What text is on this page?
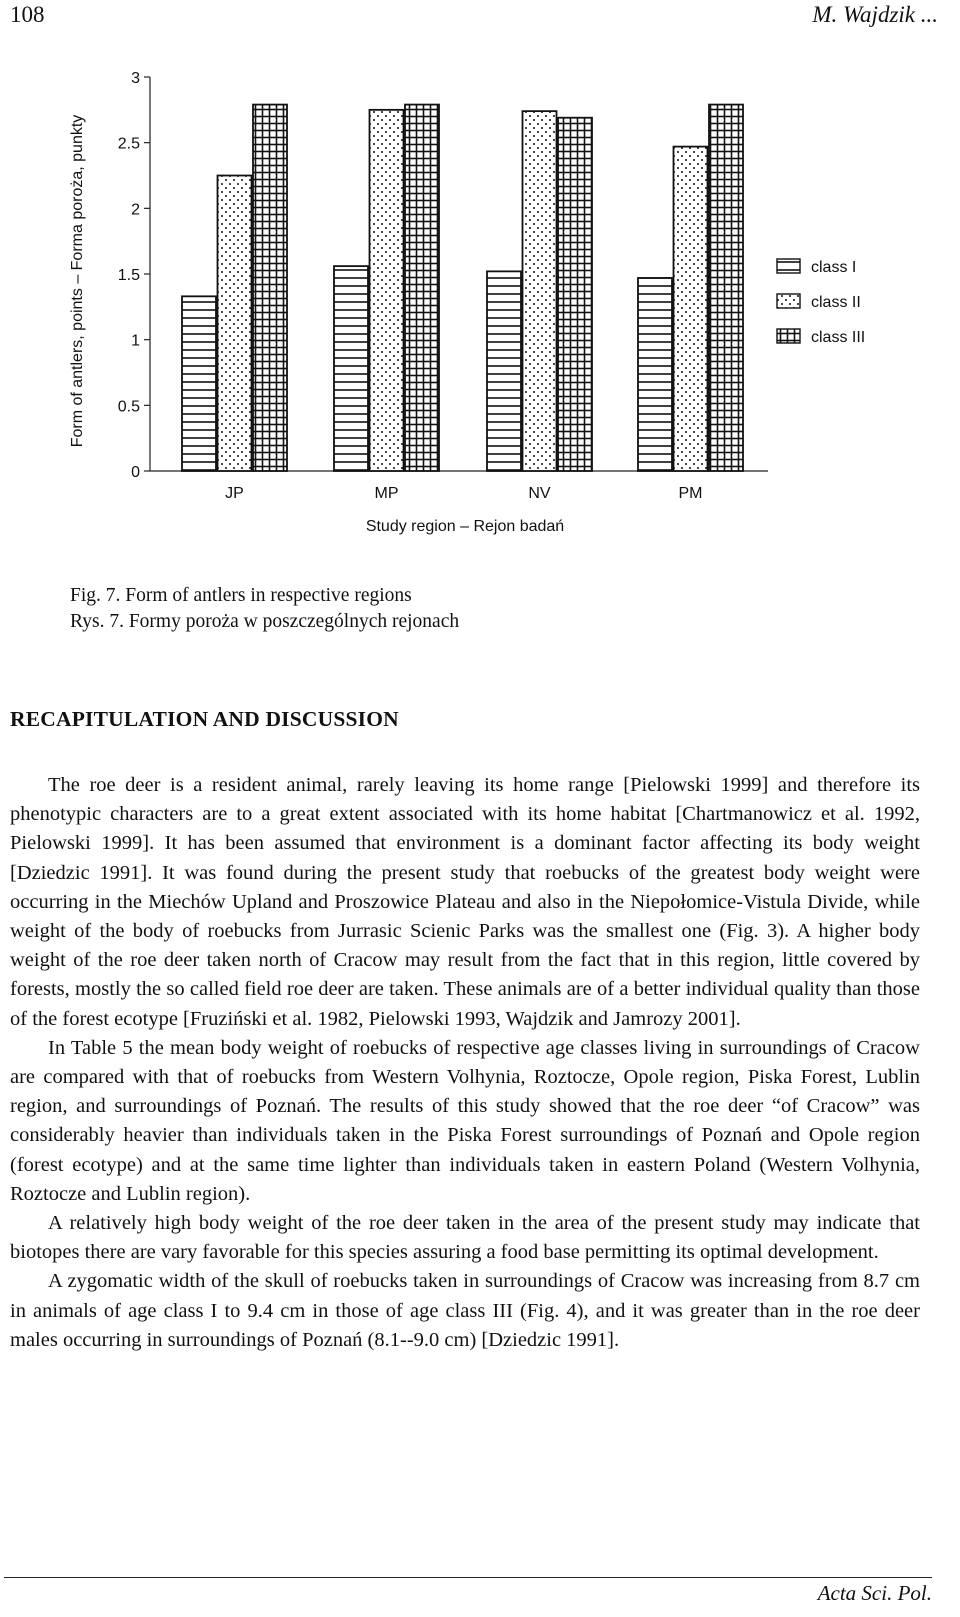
108	M. Wajdzik ...
Form of antlers, points – Forma poroża, punkty
0
0.5
1
1.5
2
2.5
3
JP	MP	NV	PM
Study region – Rejon badań
class I
class II
class III
Fig. 7. Form of antlers in respective regions
Rys. 7. Formy poroża w poszczególnych rejonach
RECAPITULATION AND DISCUSSION

The roe deer is a resident animal, rarely leaving its home range [Pielowski 1999] and therefore its phenotypic characters are to a great extent associated with its home habitat [Chartmanowicz et al. 1992, Pielowski 1999]. It has been assumed that environment is a dominant factor affecting its body weight [Dziedzic 1991]. It was found during the present study that roebucks of the greatest body weight were occurring in the Miechów Upland and Proszowice Plateau and also in the Niepołomice-Vistula Divide, while weight of the body of roebucks from Jurrasic Scienic Parks was the smallest one (Fig. 3). A higher body weight of the roe deer taken north of Cracow may result from the fact that in this region, little covered by forests, mostly the so called field roe deer are taken. These animals are of a better individual quality than those of the forest ecotype [Fruziński et al. 1982, Pielowski 1993, Wajdzik and Jamrozy 2001].

In Table 5 the mean body weight of roebucks of respective age classes living in surroundings of Cracow are compared with that of roebucks from Western Volhynia, Roztocze, Opole region, Piska Forest, Lublin region, and surroundings of Poznań. The results of this study showed that the roe deer “of Cracow” was considerably heavier than individuals taken in the Piska Forest surroundings of Poznań and Opole region (forest ecotype) and at the same time lighter than individuals taken in eastern Poland (Western Volhynia, Roztocze and Lublin region).

A relatively high body weight of the roe deer taken in the area of the present study may indicate that biotopes there are vary favorable for this species assuring a food base permitting its optimal development.

A zygomatic width of the skull of roebucks taken in surroundings of Cracow was increasing from 8.7 cm in animals of age class I to 9.4 cm in those of age class III (Fig. 4), and it was greater than in the roe deer males occurring in surroundings of Poznań (8.1--9.0 cm) [Dziedzic 1991].

Acta Sci. Pol.
